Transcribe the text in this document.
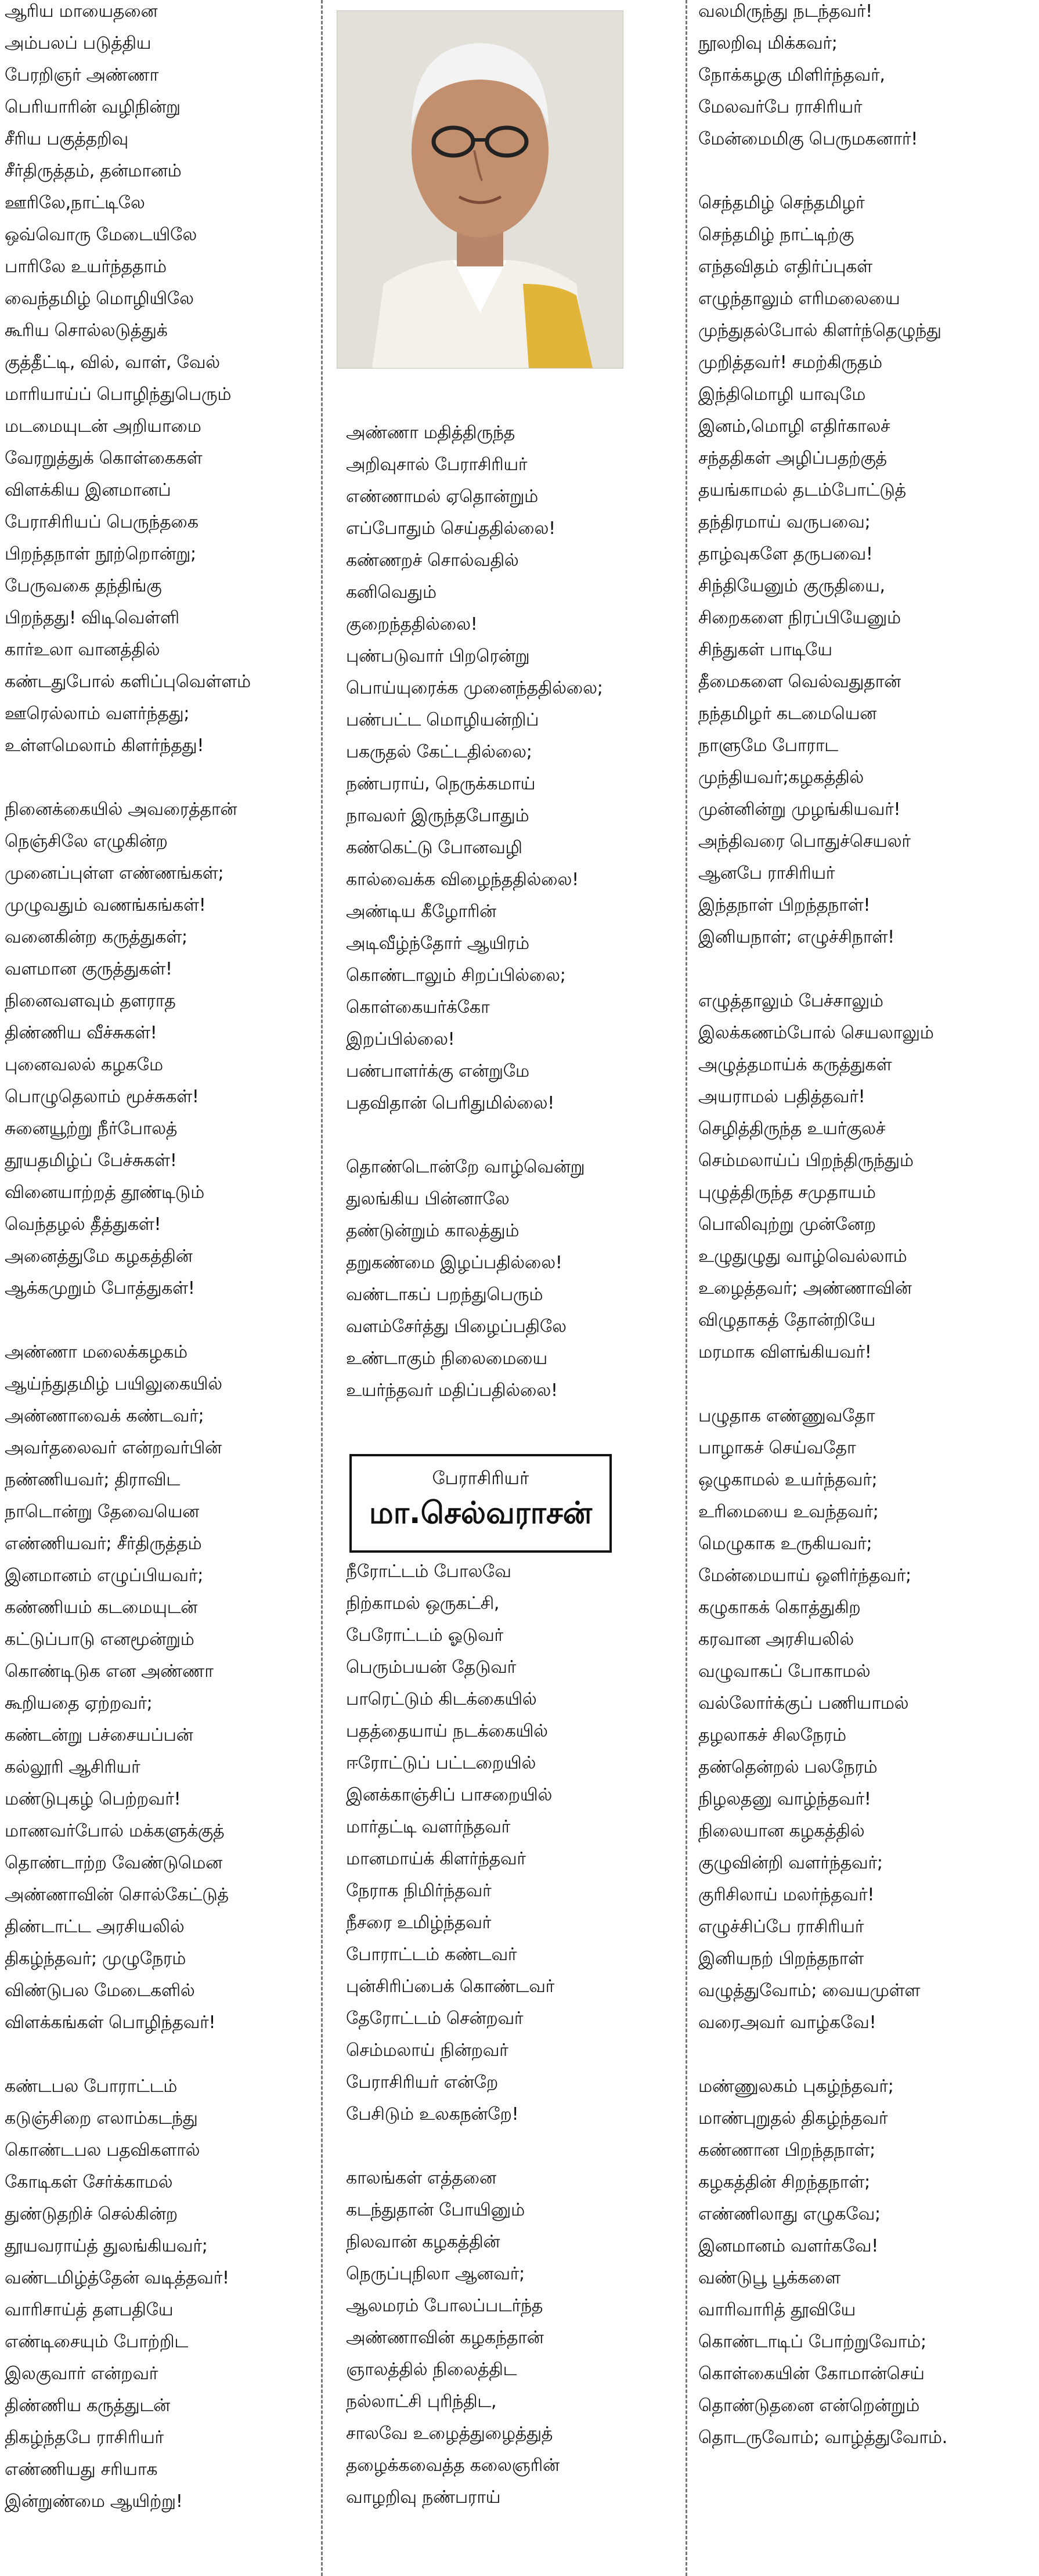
ஆரிய மாயைதனை
அம்பலப் படுத்திய
பேரறிஞர் அண்ணா
பெரியாரின் வழிநின்று
சீரிய பகுத்தறிவு
சீர்திருத்தம், தன்மானம்
ஊரிலே,நாட்டிலே
ஒவ்வொரு மேடையிலே
பாரிலே உயர்ந்ததாம்
வைந்தமிழ் மொழியிலே
கூரிய சொல்லடுத்துக்
குத்தீட்டி, வில், வாள், வேல்
மாரியாய்ப் பொழிந்துபெரும்
மடமையுடன் அறியாமை
வேரறுத்துக் கொள்கைகள்
விளக்கிய இனமானப்
பேராசிரியப் பெருந்தகை
பிறந்தநாள் நூற்றொன்று;
பேருவகை தந்திங்கு
பிறந்தது! விடிவெள்ளி
கார்உலா வானத்தில்
கண்டதுபோல் களிப்புவெள்ளம்
ஊரெல்லாம் வளர்ந்தது;
உள்ளமெலாம் கிளர்ந்தது!
நினைக்கையில் அவரைத்தான்
நெஞ்சிலே எழுகின்ற
முனைப்புள்ள எண்ணங்கள்;
முழுவதும் வணங்கங்கள்!
வனைகின்ற கருத்துகள்;
வளமான குருத்துகள்!
நினைவளவும் தளராத
திண்ணிய வீச்சுகள்!
புனைவலல் கழகமே
பொழுதெலாம் மூச்சுகள்!
சுனையூற்று நீர்போலத்
தூயதமிழ்ப் பேச்சுகள்!
வினையாற்றத் தூண்டிடும்
வெந்தழல் தீத்துகள்!
அனைத்துமே கழகத்தின்
ஆக்கமுறும் போத்துகள்!
அண்ணா மலைக்கழகம்
ஆய்ந்துதமிழ் பயிலுகையில்
அண்ணாவைக் கண்டவர்;
அவர்தலைவர் என்றவர்பின்
நண்ணியவர்; திராவிட
நாடொன்று தேவையென
எண்ணியவர்; சீர்திருத்தம்
இனமானம் எழுப்பியவர்;
கண்ணியம் கடமையுடன்
கட்டுப்பாடு எனமூன்றும்
கொண்டிடுக என அண்ணா
கூறியதை ஏற்றவர்;
கண்டன்று பச்சையப்பன்
கல்லூரி ஆசிரியர்
மண்டுபுகழ் பெற்றவர்!
மாணவர்போல் மக்களுக்குத்
தொண்டாற்ற வேண்டுமென
அண்ணாவின் சொல்கேட்டுத்
திண்டாட்ட அரசியலில்
திகழ்ந்தவர்; முழுநேரம்
விண்டுபல மேடைகளில்
விளக்கங்கள் பொழிந்தவர்!
கண்டபல போராட்டம்
கடுஞ்சிறை எலாம்கடந்து
கொண்டபல பதவிகளால்
கோடிகள் சேர்க்காமல்
துண்டுதறிச் செல்கின்ற
தூயவராய்த் துலங்கியவர்;
வண்டமிழ்த்தேன் வடித்தவர்!
வாரிசாய்த் தளபதியே
எண்டிசையும் போற்றிட
இலகுவார் என்றவர்
திண்ணிய கருத்துடன்
திகழ்ந்தபே ராசிரியர்
எண்ணியது சரியாக
இன்றுண்மை ஆயிற்று!
அண்ணா மதித்திருந்த
அறிவுசால் பேராசிரியர்
எண்ணாமல் ஏதொன்றும்
எப்போதும் செய்ததில்லை!
கண்ணறச் சொல்வதில்
கனிவெதும்
குறைந்ததில்லை!
புண்படுவார் பிறரென்று
பொய்யுரைக்க முனைந்ததில்லை;
பண்பட்ட மொழியன்றிப்
பகருதல் கேட்டதில்லை;
நண்பராய், நெருக்கமாய்
நாவலர் இருந்தபோதும்
கண்கெட்டு போனவழி
கால்வைக்க விழைந்ததில்லை!
அண்டிய கீழோரின்
அடிவீழ்ந்தோர் ஆயிரம்
கொண்டாலும் சிறப்பில்லை;
கொள்கையர்க்கோ
இறப்பில்லை!
பண்பாளர்க்கு என்றுமே
பதவிதான் பெரிதுமில்லை!
தொண்டொன்றே வாழ்வென்று
துலங்கிய பின்னாலே
தண்டுன்றும் காலத்தும்
தறுகண்மை இழப்பதில்லை!
வண்டாகப் பறந்துபெரும்
வளம்சேர்த்து பிழைப்பதிலே
உண்டாகும் நிலைமையை
உயர்ந்தவர் மதிப்பதில்லை!
நீரோட்டம் போலவே
நிற்காமல் ஒருகட்சி,
பேரோட்டம் ஓடுவர்
பெரும்பயன் தேடுவர்
பாரெட்டும் கிடக்கையில்
பதத்தையாய் நடக்கையில்
ஈரோட்டுப் பட்டறையில்
இனக்காஞ்சிப் பாசறையில்
மார்தட்டி வளர்ந்தவர்
மானமாய்க் கிளர்ந்தவர்
நேராக நிமிர்ந்தவர்
நீசரை உமிழ்ந்தவர்
போராட்டம் கண்டவர்
புன்சிரிப்பைக் கொண்டவர்
தேரோட்டம் சென்றவர்
செம்மலாய் நின்றவர்
பேராசிரியர் என்றே
பேசிடும் உலகநன்றே!
காலங்கள் எத்தனை
கடந்துதான் போயினும்
நிலவான் கழகத்தின்
நெருப்புநிலா ஆனவர்;
ஆலமரம் போலப்படர்ந்த
அண்ணாவின் கழகந்தான்
ஞாலத்தில் நிலைத்திட
நல்லாட்சி புரிந்திட,
சாலவே உழைத்துழைத்துத்
தழைக்கவைத்த கலைஞரின்
வாழறிவு நண்பராய்
பேராசிரியர்
மா.செல்வராசன்
வலமிருந்து நடந்தவர்!
நூலறிவு மிக்கவர்;
நோக்கழகு மிளிர்ந்தவர்,
மேலவர்பே ராசிரியர்
மேன்மைமிகு பெருமகனார்!
செந்தமிழ் செந்தமிழர்
செந்தமிழ் நாட்டிற்கு
எந்தவிதம் எதிர்ப்புகள்
எழுந்தாலும் எரிமலையை
முந்துதல்போல் கிளர்ந்தெழுந்து
முறித்தவர்! சமற்கிருதம்
இந்திமொழி யாவுமே
இனம்,மொழி எதிர்காலச்
சந்ததிகள் அழிப்பதற்குத்
தயங்காமல் தடம்போட்டுத்
தந்திரமாய் வருபவை;
தாழ்வுகளே தருபவை!
சிந்தியேனும் குருதியை,
சிறைகளை நிரப்பியேனும்
சிந்துகள் பாடியே
தீமைகளை வெல்வதுதான்
நந்தமிழர் கடமையென
நாளுமே போராட
முந்தியவர்;கழகத்தில்
முன்னின்று முழங்கியவர்!
அந்திவரை பொதுச்செயலர்
ஆனபே ராசிரியர்
இந்தநாள் பிறந்தநாள்!
இனியநாள்; எழுச்சிநாள்!
எழுத்தாலும் பேச்சாலும்
இலக்கணம்போல் செயலாலும்
அழுத்தமாய்க் கருத்துகள்
அயராமல் பதித்தவர்!
செழித்திருந்த உயர்குலச்
செம்மலாய்ப் பிறந்திருந்தும்
புழுத்திருந்த சமுதாயம்
பொலிவுற்று முன்னேற
உழுதுழுது வாழ்வெல்லாம்
உழைத்தவர்; அண்ணாவின்
விழுதாகத் தோன்றியே
மரமாக விளங்கியவர்!
பழுதாக எண்ணுவதோ
பாழாகச் செய்வதோ
ஒழுகாமல் உயர்ந்தவர்;
உரிமையை உவந்தவர்;
மெழுகாக உருகியவர்;
மேன்மையாய் ஒளிர்ந்தவர்;
கழுகாகக் கொத்துகிற
கரவான அரசியலில்
வழுவாகப் போகாமல்
வல்லோர்க்குப் பணியாமல்
தழலாகச் சிலநேரம்
தண்தென்றல் பலநேரம்
நிழலதனு வாழ்ந்தவர்!
நிலையான கழகத்தில்
குழுவின்றி வளர்ந்தவர்;
குரிசிலாய் மலர்ந்தவர்!
எழுச்சிப்பே ராசிரியர்
இனியநற் பிறந்தநாள்
வழுத்துவோம்; வையமுள்ள
வரைஅவர் வாழ்கவே!
மண்ணுலகம் புகழ்ந்தவர்;
மாண்புறுதல் திகழ்ந்தவர்
கண்ணான பிறந்தநாள்;
கழகத்தின் சிறந்தநாள்;
எண்ணிலாது எழுகவே;
இனமானம் வளர்கவே!
வண்டுபூ பூக்களை
வாரிவாரித் தூவியே
கொண்டாடிப் போற்றுவோம்;
கொள்கையின் கோமான்செய்
தொண்டுதனை என்றென்றும்
தொடருவோம்; வாழ்த்துவோம்.
